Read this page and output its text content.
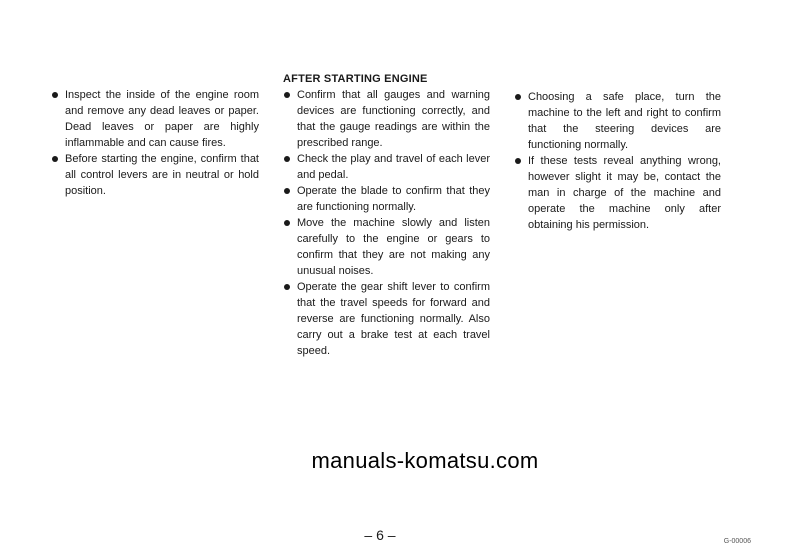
Inspect the inside of the engine room and remove any dead leaves or paper. Dead leaves or paper are highly inflammable and can cause fires.
Before starting the engine, confirm that all control levers are in neutral or hold position.

AFTER STARTING ENGINE

Confirm that all gauges and warning devices are functioning correctly, and that the gauge readings are within the prescribed range.
Check the play and travel of each lever and pedal.
Operate the blade to confirm that they are functioning normally.
Move the machine slowly and listen carefully to the engine or gears to confirm that they are not making any unusual noises.
Operate the gear shift lever to confirm that the travel speeds for forward and reverse are functioning normally. Also carry out a brake test at each travel speed.
Choosing a safe place, turn the machine to the left and right to confirm that the steering devices are functioning normally.
If these tests reveal anything wrong, however slight it may be, contact the man in charge of the machine and operate the machine only after obtaining his permission.
manuals-komatsu.com
– 6 –	G-00006
